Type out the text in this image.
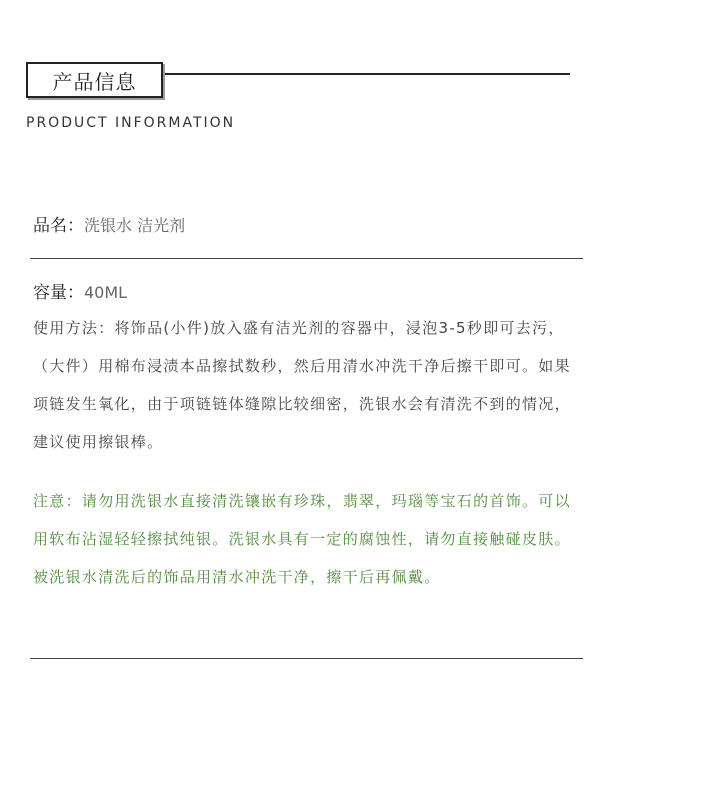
产品信息
PRODUCT INFORMATION
品名：洗银水 洁光剂
容量：40ML
使用方法：将饰品(小件)放入盛有洁光剂的容器中，浸泡3-5秒即可去污，（大件）用棉布浸渍本品擦拭数秒，然后用清水冲洗干净后擦干即可。如果项链发生氧化，由于项链链体缝隙比较细密，洗银水会有清洗不到的情况，建议使用擦银棒。
注意：请勿用洗银水直接清洗镶嵌有珍珠，翡翠，玛瑙等宝石的首饰。可以用软布沾湿轻轻擦拭纯银。洗银水具有一定的腐蚀性，请勿直接触碰皮肤。被洗银水清洗后的饰品用清水冲洗干净，擦干后再佩戴。
